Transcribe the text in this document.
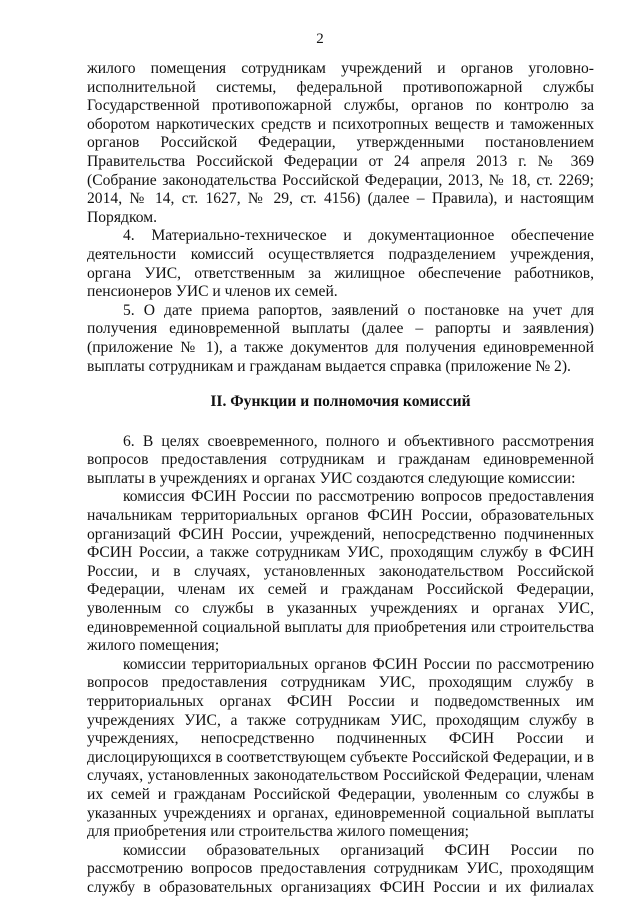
2

жилого помещения сотрудникам учреждений и органов уголовно-исполнительной системы, федеральной противопожарной службы Государственной противопожарной службы, органов по контролю за оборотом наркотических средств и психотропных веществ и таможенных органов Российской Федерации, утвержденными постановлением Правительства Российской Федерации от 24 апреля 2013 г. № 369 (Собрание законодательства Российской Федерации, 2013, № 18, ст. 2269; 2014, № 14, ст. 1627, № 29, ст. 4156) (далее – Правила), и настоящим Порядком.

4. Материально-техническое и документационное обеспечение деятельности комиссий осуществляется подразделением учреждения, органа УИС, ответственным за жилищное обеспечение работников, пенсионеров УИС и членов их семей.

5. О дате приема рапортов, заявлений о постановке на учет для получения единовременной выплаты (далее – рапорты и заявления) (приложение № 1), а также документов для получения единовременной выплаты сотрудникам и гражданам выдается справка (приложение № 2).

II. Функции и полномочия комиссий

6. В целях своевременного, полного и объективного рассмотрения вопросов предоставления сотрудникам и гражданам единовременной выплаты в учреждениях и органах УИС создаются следующие комиссии:

комиссия ФСИН России по рассмотрению вопросов предоставления начальникам территориальных органов ФСИН России, образовательных организаций ФСИН России, учреждений, непосредственно подчиненных ФСИН России, а также сотрудникам УИС, проходящим службу в ФСИН России, и в случаях, установленных законодательством Российской Федерации, членам их семей и гражданам Российской Федерации, уволенным со службы в указанных учреждениях и органах УИС, единовременной социальной выплаты для приобретения или строительства жилого помещения;

комиссии территориальных органов ФСИН России по рассмотрению вопросов предоставления сотрудникам УИС, проходящим службу в территориальных органах ФСИН России и подведомственных им учреждениях УИС, а также сотрудникам УИС, проходящим службу в учреждениях, непосредственно подчиненных ФСИН России и дислоцирующихся в соответствующем субъекте Российской Федерации, и в случаях, установленных законодательством Российской Федерации, членам их семей и гражданам Российской Федерации, уволенным со службы в указанных учреждениях и органах, единовременной социальной выплаты для приобретения или строительства жилого помещения;

комиссии образовательных организаций ФСИН России по рассмотрению вопросов предоставления сотрудникам УИС, проходящим службу в образовательных организациях ФСИН России и их филиалах
